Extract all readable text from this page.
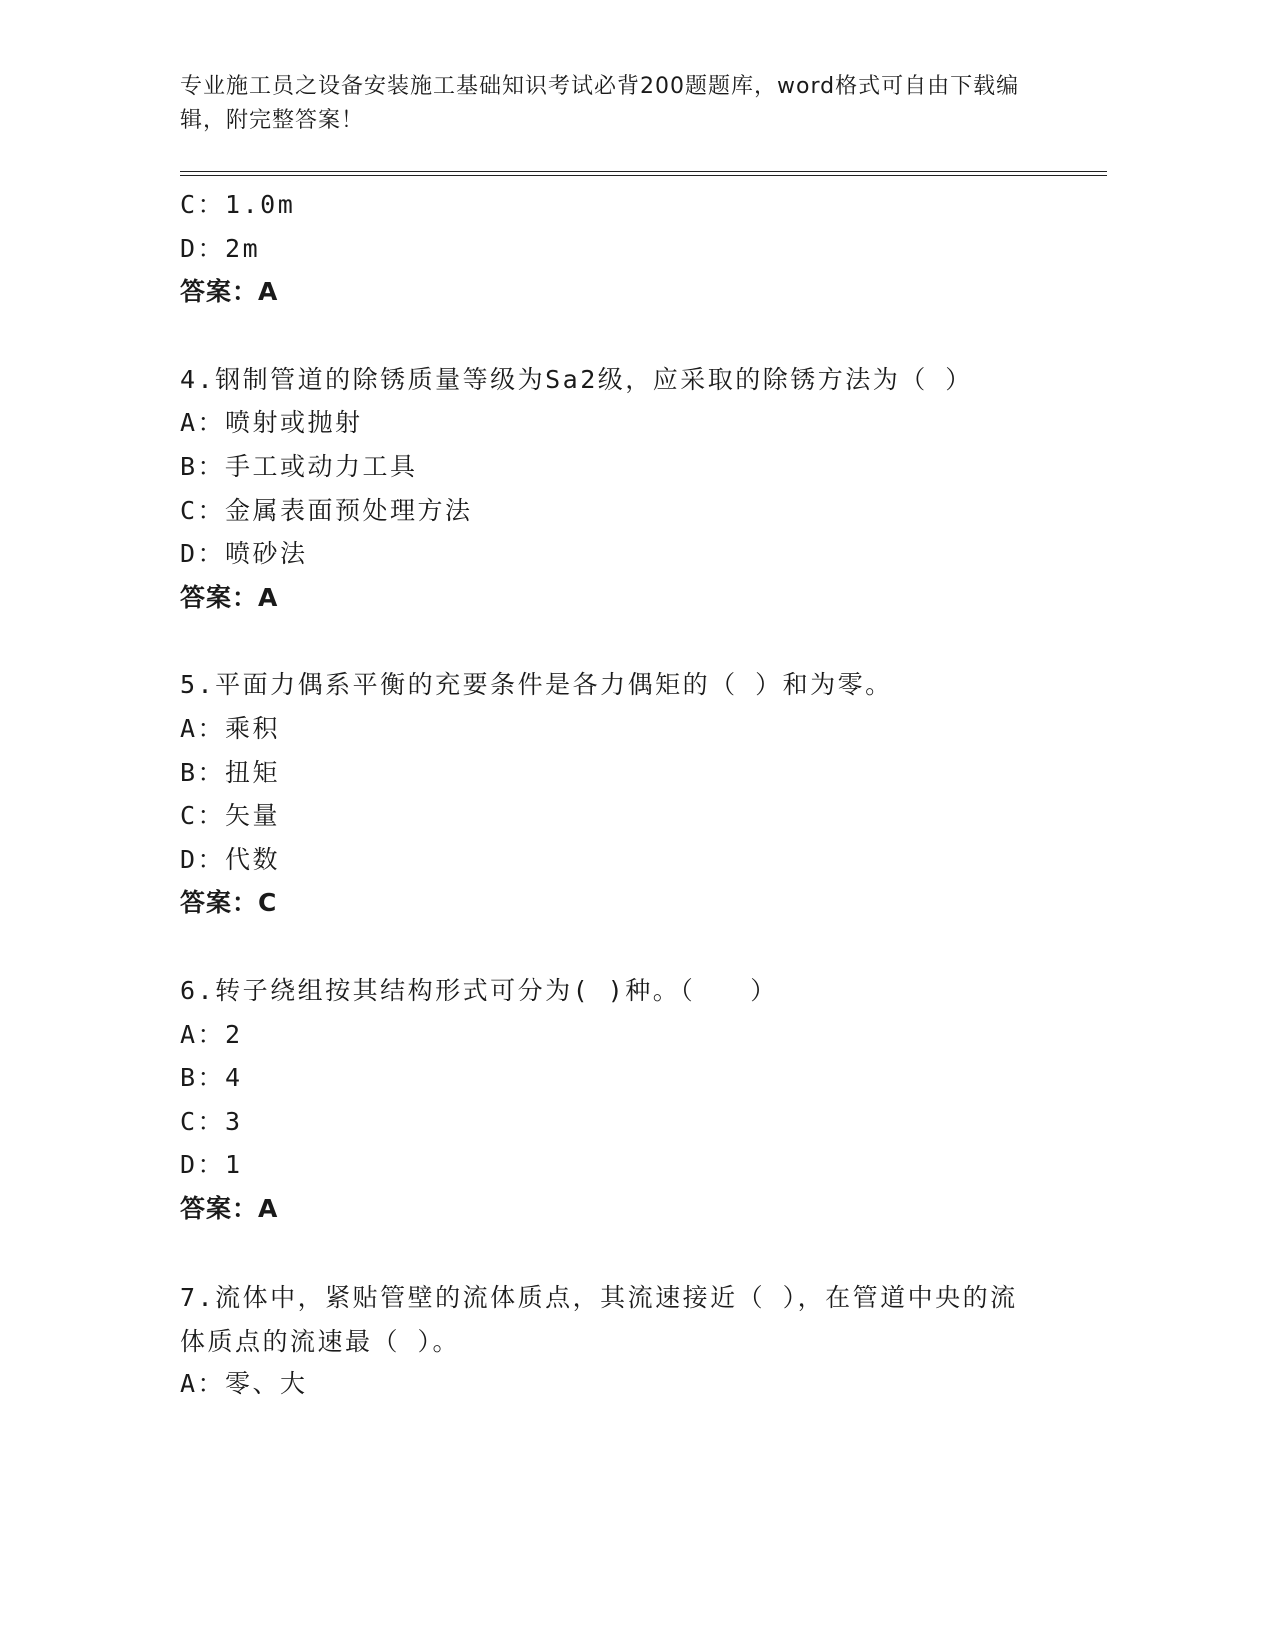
专业施工员之设备安装施工基础知识考试必背200题题库，word格式可自由下载编辑，附完整答案！
C：1.0m
D：2m
答案：A
4.钢制管道的除锈质量等级为Sa2级，应采取的除锈方法为（ ）
A：喷射或抛射
B：手工或动力工具
C：金属表面预处理方法
D：喷砂法
答案：A
5.平面力偶系平衡的充要条件是各力偶矩的（ ）和为零。
A：乘积
B：扭矩
C：矢量
D：代数
答案：C
6.转子绕组按其结构形式可分为( )种。（　　）
A：2
B：4
C：3
D：1
答案：A
7.流体中，紧贴管壁的流体质点，其流速接近（ ），在管道中央的流体质点的流速最（ ）。
A：零、大
